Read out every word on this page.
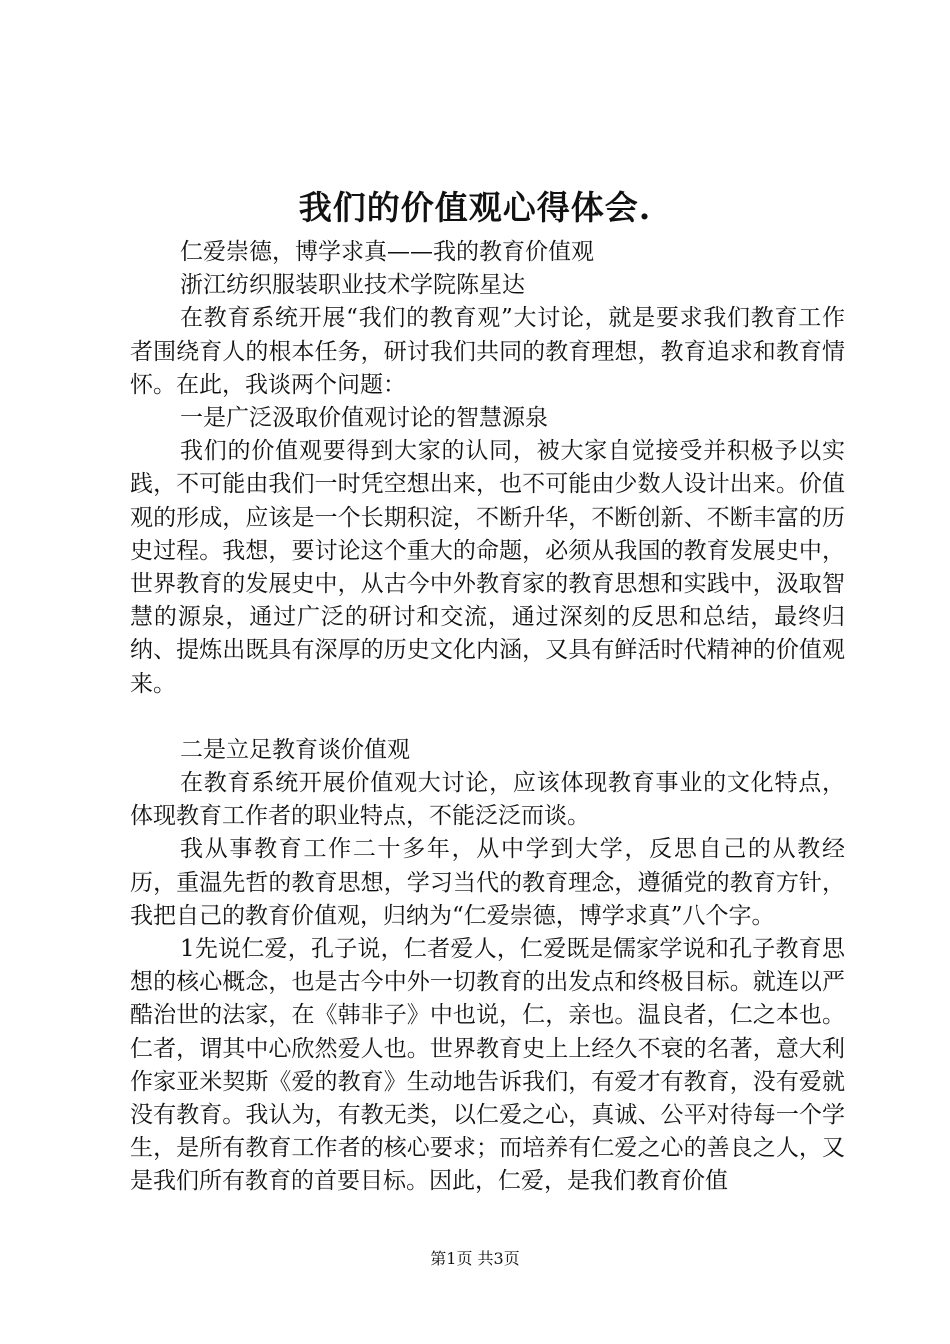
我们的价值观心得体会.

仁爱崇德，博学求真——我的教育价值观

浙江纺织服装职业技术学院陈星达

在教育系统开展“我们的教育观”大讨论，就是要求我们教育工作者围绕育人的根本任务，研讨我们共同的教育理想，教育追求和教育情怀。在此，我谈两个问题：

一是广泛汲取价值观讨论的智慧源泉

我们的价值观要得到大家的认同，被大家自觉接受并积极予以实践，不可能由我们一时凭空想出来，也不可能由少数人设计出来。价值观的形成，应该是一个长期积淀，不断升华，不断创新、不断丰富的历史过程。我想，要讨论这个重大的命题，必须从我国的教育发展史中，世界教育的发展史中，从古今中外教育家的教育思想和实践中，汲取智慧的源泉，通过广泛的研讨和交流，通过深刻的反思和总结，最终归纳、提炼出既具有深厚的历史文化内涵，又具有鲜活时代精神的价值观来。

二是立足教育谈价值观

在教育系统开展价值观大讨论，应该体现教育事业的文化特点，体现教育工作者的职业特点，不能泛泛而谈。

我从事教育工作二十多年，从中学到大学，反思自己的从教经历，重温先哲的教育思想，学习当代的教育理念，遵循党的教育方针，我把自己的教育价值观，归纳为“仁爱崇德，博学求真”八个字。

1先说仁爱，孔子说，仁者爱人，仁爱既是儒家学说和孔子教育思想的核心概念，也是古今中外一切教育的出发点和终极目标。就连以严酷治世的法家，在《韩非子》中也说，仁，亲也。温良者，仁之本也。仁者，谓其中心欣然爱人也。世界教育史上上经久不衰的名著，意大利作家亚米契斯《爱的教育》生动地告诉我们，有爱才有教育，没有爱就没有教育。我认为，有教无类，以仁爱之心，真诚、公平对待每一个学生，是所有教育工作者的核心要求；而培养有仁爱之心的善良之人，又是我们所有教育的首要目标。因此，仁爱，是我们教育价值

第1页 共3页
